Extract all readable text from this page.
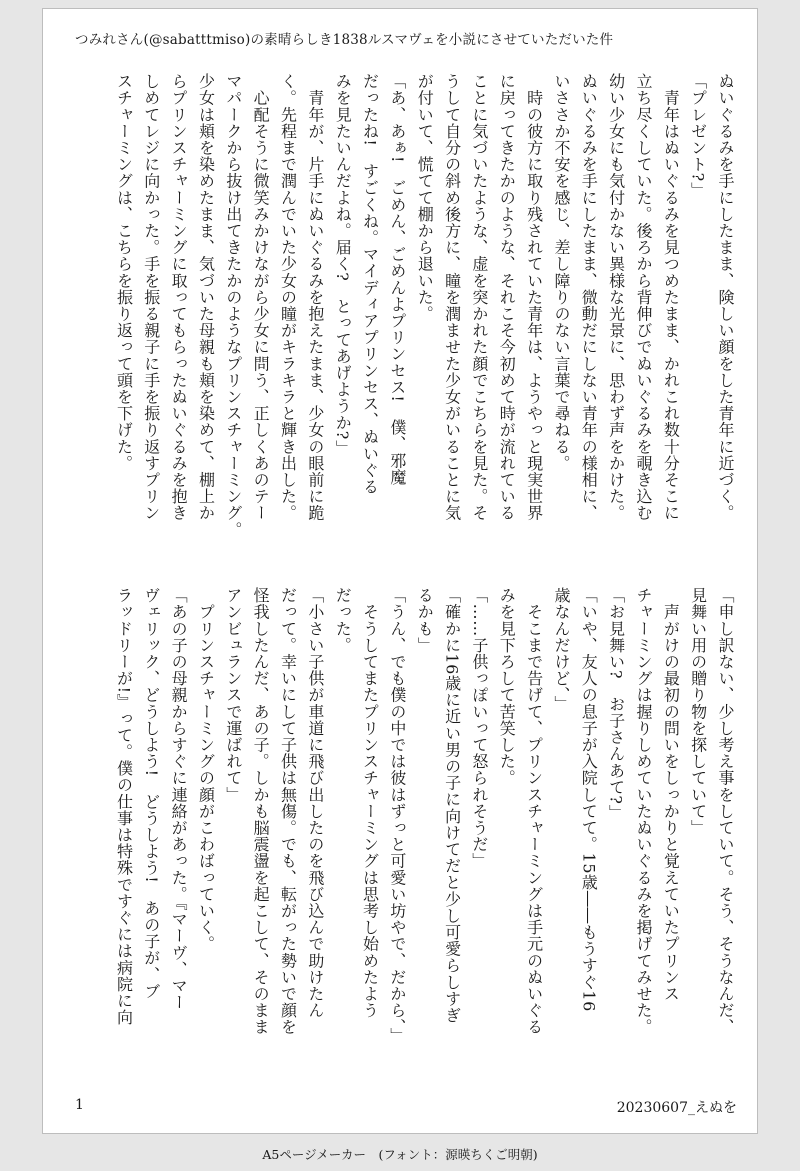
つみれさん(@sabatttmiso)の素晴らしき1838ルスマヴェを小説にさせていただいた件

ぬいぐるみを手にしたまま、険しい顔をした青年に近づく。

「プレゼント?」

　青年はぬいぐるみを見つめたまま、かれこれ数十分そこに

立ち尽くしていた。後ろから背伸びでぬいぐるみを覗き込む

幼い少女にも気付かない異様な光景に、思わず声をかけた。

ぬいぐるみを手にしたまま、微動だにしない青年の様相に、

いささか不安を感じ、差し障りのない言葉で尋ねる。

　時の彼方に取り残されていた青年は、ようやっと現実世界

に戻ってきたかのような、それこそ今初めて時が流れている

ことに気づいたような、虚を突かれた顔でこちらを見た。そ

うして自分の斜め後方に、瞳を潤ませた少女がいることに気

が付いて、慌てて棚から退いた。

「あ、あぁ!　ごめん、ごめんよプリンセス!　僕、邪魔

だったね!　すごくね。マイディアプリンセス、ぬいぐる

みを見たいんだよね。届く?　とってあげようか?」

　青年が、片手にぬいぐるみを抱えたまま、少女の眼前に跪

く。先程まで潤んでいた少女の瞳がキラキラと輝き出した。

　心配そうに微笑みかけながら少女に問う、正しくあのテー

マパークから抜け出てきたかのようなプリンスチャーミング。

少女は頬を染めたまま、気づいた母親も頬を染めて、棚上か

らプリンスチャーミングに取ってもらったぬいぐるみを抱き

しめてレジに向かった。手を振る親子に手を振り返すプリン

スチャーミングは、こちらを振り返って頭を下げた。

「申し訳ない、少し考え事をしていて。そう、そうなんだ、

見舞い用の贈り物を探していて」

　声がけの最初の問いをしっかりと覚えていたプリンス

チャーミングは握りしめていたぬいぐるみを掲げてみせた。

「お見舞い?　お子さんあて?」

「いや、友人の息子が入院してて。15歳――もうすぐ16

歳なんだけど、」

　そこまで告げて、プリンスチャーミングは手元のぬいぐる

みを見下ろして苦笑した。

「……子供っぽいって怒られそうだ」

「確かに16歳に近い男の子に向けてだと少し可愛らしすぎ

るかも」

「うん、でも僕の中では彼はずっと可愛い坊やで、だから、」

　そうしてまたプリンスチャーミングは思考し始めたよう

だった。

「小さい子供が車道に飛び出したのを飛び込んで助けたん

だって。幸いにして子供は無傷。でも、転がった勢いで顔を

怪我したんだ、あの子。しかも脳震盪を起こして、そのまま

アンビュランスで運ばれて」

　プリンスチャーミングの顔がこわばっていく。

「あの子の母親からすぐに連絡があった。『マーヴ、マー

ヴェリック、どうしよう!　どうしよう!　あの子が、ブ

ラッドリーが!』って。僕の仕事は特殊ですぐには病院に向

1	20230607_えぬを
A5ページメーカー　(フォント：源暎ちくご明朝)
